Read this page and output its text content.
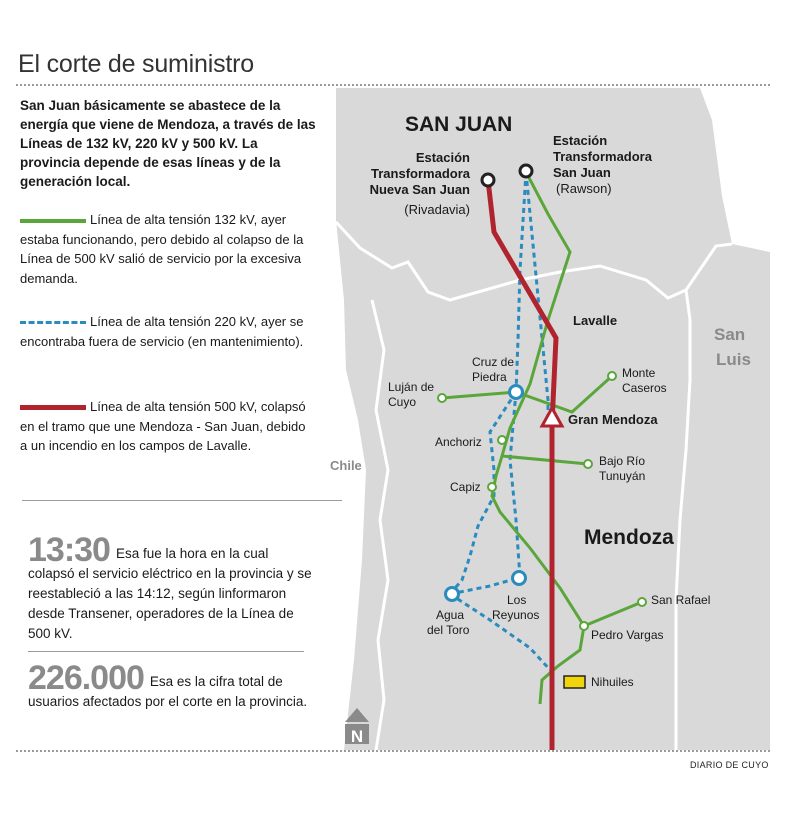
El corte de suministro
San Juan básicamente se abastece de la energía que viene de Mendoza, a través de las Líneas de 132 kV, 220 kV y 500 kV. La provincia depende de esas líneas y de la generación local.
Línea de alta tensión 132 kV, ayer estaba funcionando, pero debido al colapso de la Línea de 500 kV salió de servicio por la excesiva demanda.
Línea de alta tensión 220 kV, ayer se encontraba fuera de servicio (en mantenimiento).
Línea de alta tensión 500 kV, colapsó en el tramo que une Mendoza - San Juan, debido a un incendio en los campos de Lavalle.
13:30 Esa fue la hora en la cual colapsó el servicio eléctrico en la provincia y se reestableció a las 14:12, según linformaron desde Transener, operadores de la Línea de 500 kV.
226.000 Esa es la cifra total de usuarios afectados por el corte en la provincia.
DIARIO DE CUYO
SAN JUAN
Mendoza
San
Luis
Chile
Estación
Transformadora
Nueva San Juan
(Rivadavia)
Estación
Transformadora
San Juan
(Rawson)
Cruz de
Piedra
Luján de
Cuyo
Monte
Caseros
Anchoriz
Bajo Río
Tunuyán
Capiz
Agua
del Toro
Los
Reyunos
San Rafael
Pedro Vargas
Nihuiles
Lavalle
Gran Mendoza
N
